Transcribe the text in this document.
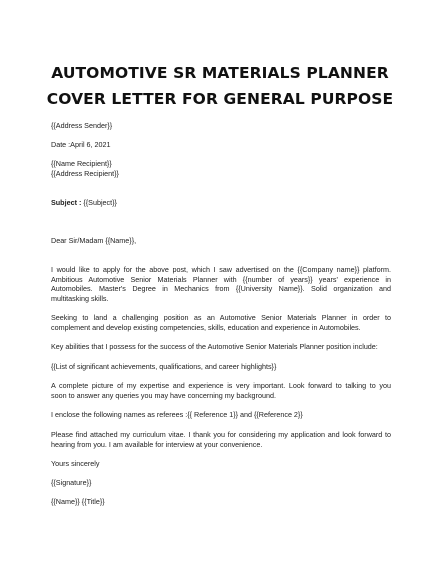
AUTOMOTIVE SR MATERIALS PLANNER
COVER LETTER FOR GENERAL PURPOSE
{{Address Sender}}
Date :April 6, 2021
{{Name Recipient}}
{{Address Recipient}}
Subject : {{Subject}}
Dear Sir/Madam {{Name}},
I would like to apply for the above post, which I saw advertised on the {{Company name}} platform.
Ambitious Automotive Senior Materials Planner with {{number of years}} years' experience in
Automobiles. Master's Degree in Mechanics from {{University Name}}. Solid organization and
multitasking skills.
Seeking to land a challenging position as an Automotive Senior Materials Planner in order to
complement and develop existing competencies, skills, education and experience in Automobiles.
Key abilities that I possess for the success of the Automotive Senior Materials Planner position include:
{{List of significant achievements, qualifications, and career highlights}}
A complete picture of my expertise and experience is very important. Look forward to talking to you
soon to answer any queries you may have concerning my background.
I enclose the following names as referees :{{ Reference 1}} and {{Reference 2}}
Please find attached my curriculum vitae. I thank you for considering my application and look forward to
hearing from you. I am available for interview at your convenience.
Yours sincerely
{{Signature}}
{{Name}} {{Title}}
